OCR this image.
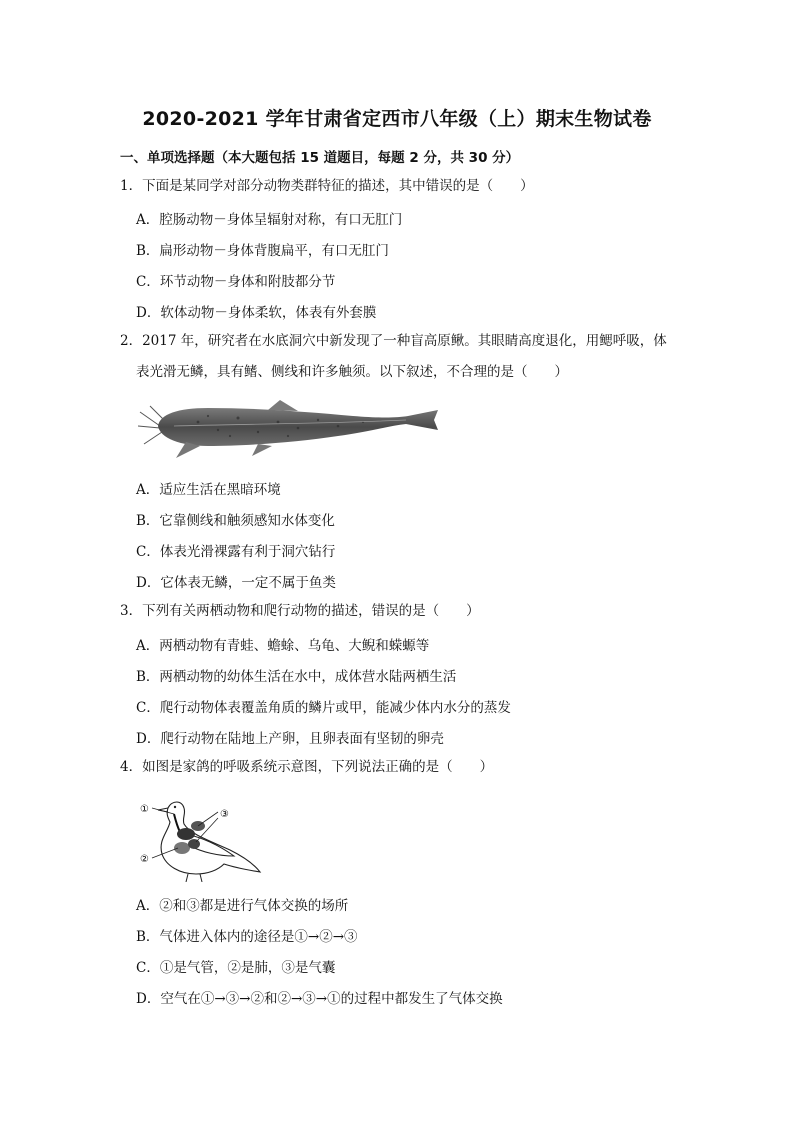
2020-2021 学年甘肃省定西市八年级（上）期末生物试卷
一、单项选择题（本大题包括 15 道题目，每题 2 分，共 30 分）
1．下面是某同学对部分动物类群特征的描述，其中错误的是（　　）
A．腔肠动物－身体呈辐射对称，有口无肛门
B．扁形动物－身体背腹扁平，有口无肛门
C．环节动物－身体和附肢都分节
D．软体动物－身体柔软，体表有外套膜
2．2017 年，研究者在水底洞穴中新发现了一种盲高原鳅。其眼睛高度退化，用鳃呼吸，体
表光滑无鳞，具有鳍、侧线和许多触须。以下叙述，不合理的是（　　）
A．适应生活在黑暗环境
B．它靠侧线和触须感知水体变化
C．体表光滑裸露有利于洞穴钻行
D．它体表无鳞，一定不属于鱼类
3．下列有关两栖动物和爬行动物的描述，错误的是（　　）
A．两栖动物有青蛙、蟾蜍、乌龟、大鲵和蝾螈等
B．两栖动物的幼体生活在水中，成体营水陆两栖生活
C．爬行动物体表覆盖角质的鳞片或甲，能减少体内水分的蒸发
D．爬行动物在陆地上产卵，且卵表面有坚韧的卵壳
4．如图是家鸽的呼吸系统示意图，下列说法正确的是（　　）
①
②
③
A．②和③都是进行气体交换的场所
B．气体进入体内的途径是①→②→③
C．①是气管，②是肺，③是气囊
D．空气在①→③→②和②→③→①的过程中都发生了气体交换
